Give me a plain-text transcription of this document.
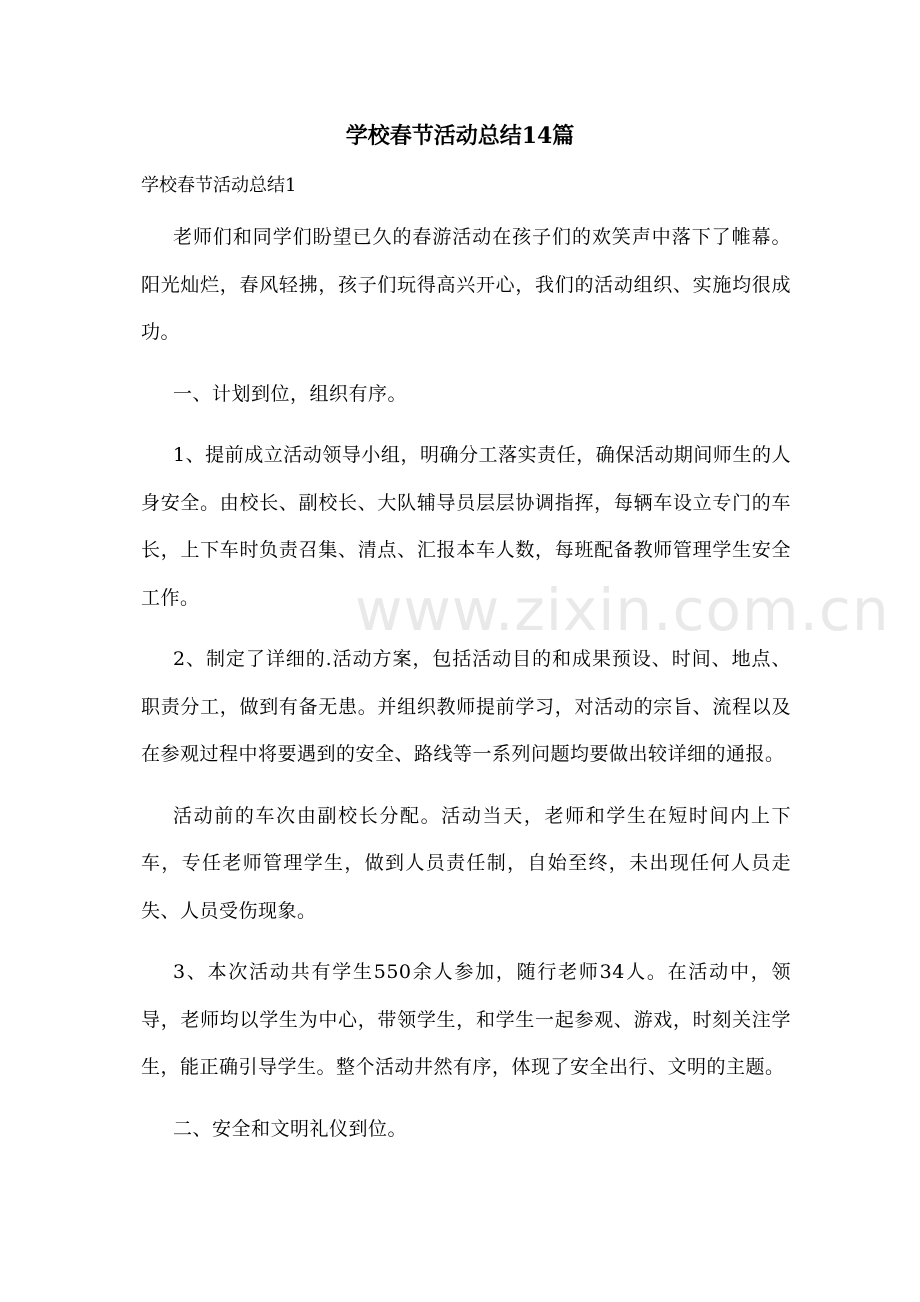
学校春节活动总结14篇

学校春节活动总结1

老师们和同学们盼望已久的春游活动在孩子们的欢笑声中落下了帷幕。阳光灿烂，春风轻拂，孩子们玩得高兴开心，我们的活动组织、实施均很成功。

一、计划到位，组织有序。

1、提前成立活动领导小组，明确分工落实责任，确保活动期间师生的人身安全。由校长、副校长、大队辅导员层层协调指挥，每辆车设立专门的车长，上下车时负责召集、清点、汇报本车人数，每班配备教师管理学生安全工作。

2、制定了详细的.活动方案，包括活动目的和成果预设、时间、地点、职责分工，做到有备无患。并组织教师提前学习，对活动的宗旨、流程以及在参观过程中将要遇到的安全、路线等一系列问题均要做出较详细的通报。

活动前的车次由副校长分配。活动当天，老师和学生在短时间内上下车，专任老师管理学生，做到人员责任制，自始至终，未出现任何人员走失、人员受伤现象。

3、本次活动共有学生550余人参加，随行老师34人。在活动中，领导，老师均以学生为中心，带领学生，和学生一起参观、游戏，时刻关注学生，能正确引导学生。整个活动井然有序，体现了安全出行、文明的主题。

二、安全和文明礼仪到位。

www.zixin.com.cn
